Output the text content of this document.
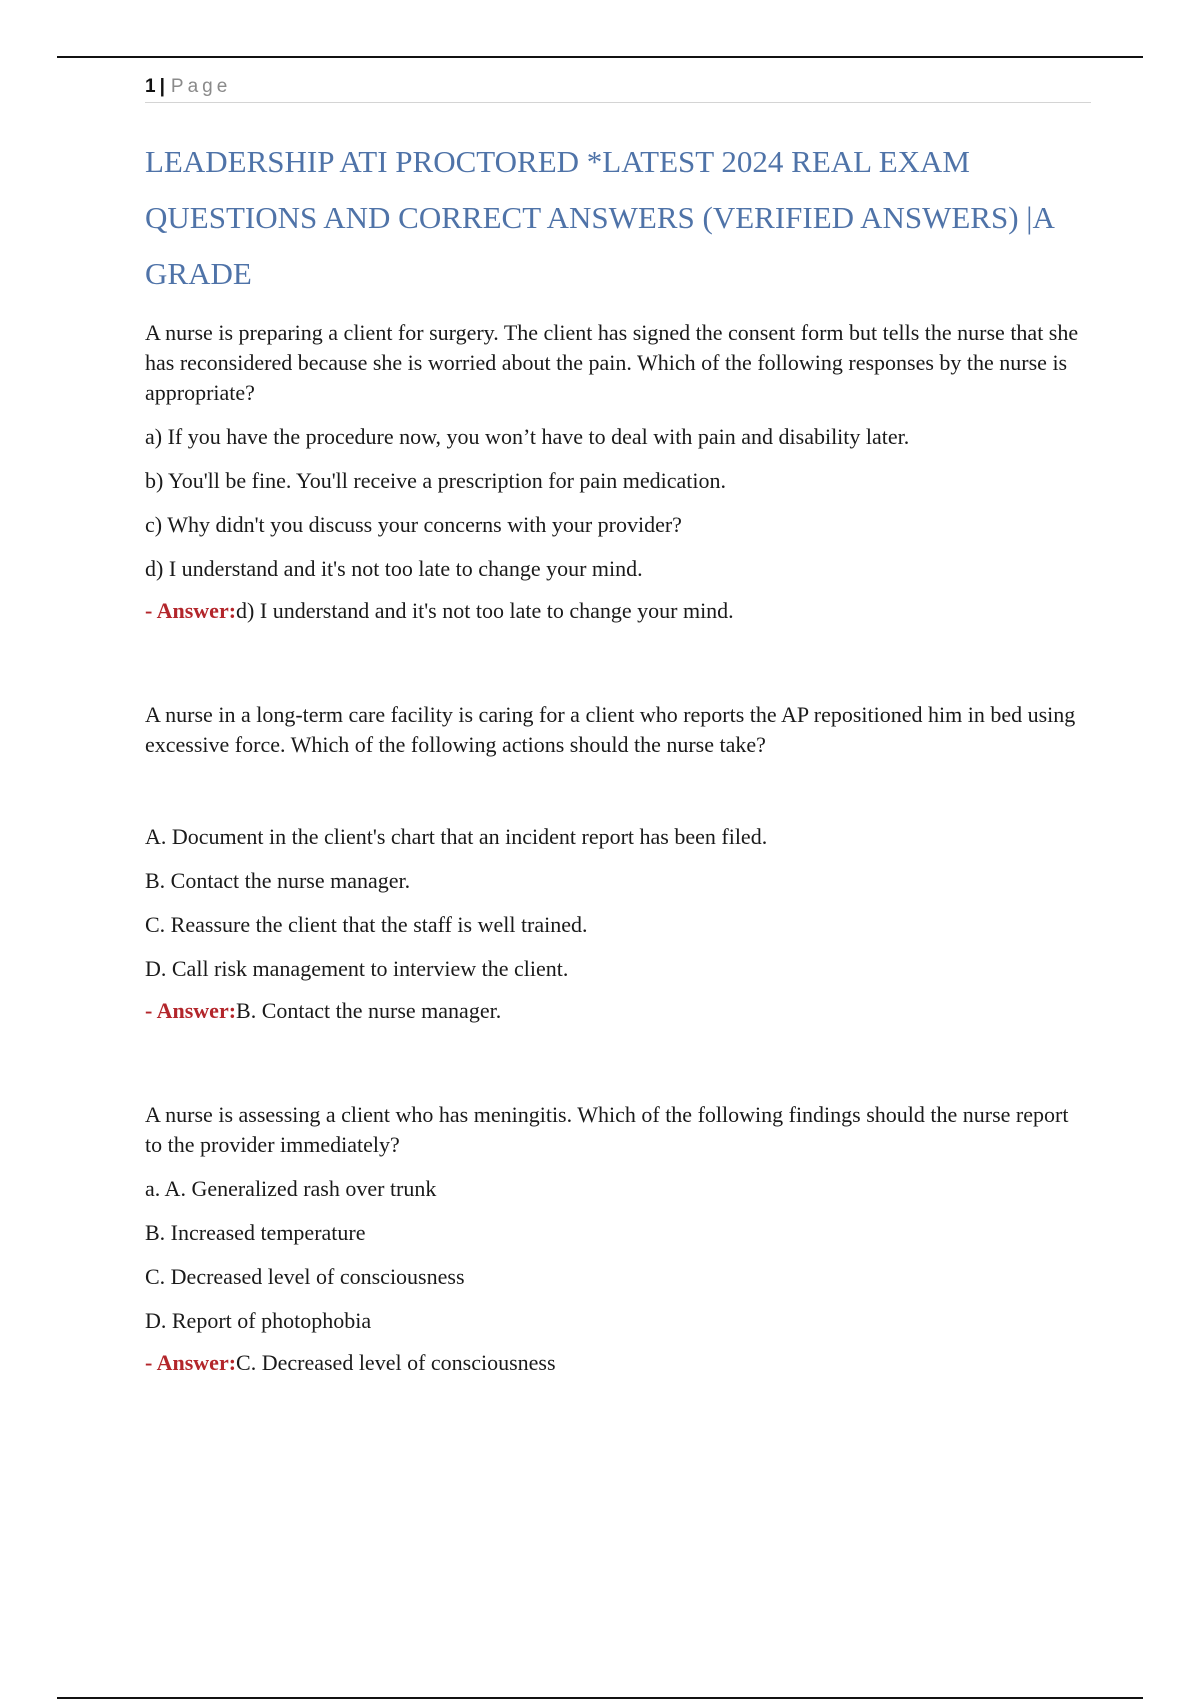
1 | Page
LEADERSHIP ATI PROCTORED *LATEST 2024 REAL EXAM QUESTIONS AND CORRECT ANSWERS (VERIFIED ANSWERS) |A GRADE

A nurse is preparing a client for surgery. The client has signed the consent form but tells the nurse that she has reconsidered because she is worried about the pain. Which of the following responses by the nurse is appropriate?

a) If you have the procedure now, you won’t have to deal with pain and disability later.

b) You'll be fine. You'll receive a prescription for pain medication.

c) Why didn't you discuss your concerns with your provider?

d) I understand and it's not too late to change your mind.

- Answer:d) I understand and it's not too late to change your mind.

A nurse in a long-term care facility is caring for a client who reports the AP repositioned him in bed using excessive force. Which of the following actions should the nurse take?

A. Document in the client's chart that an incident report has been filed.

B. Contact the nurse manager.

C. Reassure the client that the staff is well trained.

D. Call risk management to interview the client.

- Answer:B. Contact the nurse manager.

A nurse is assessing a client who has meningitis. Which of the following findings should the nurse report to the provider immediately?

a. A. Generalized rash over trunk

B. Increased temperature

C. Decreased level of consciousness

D. Report of photophobia

- Answer:C. Decreased level of consciousness
